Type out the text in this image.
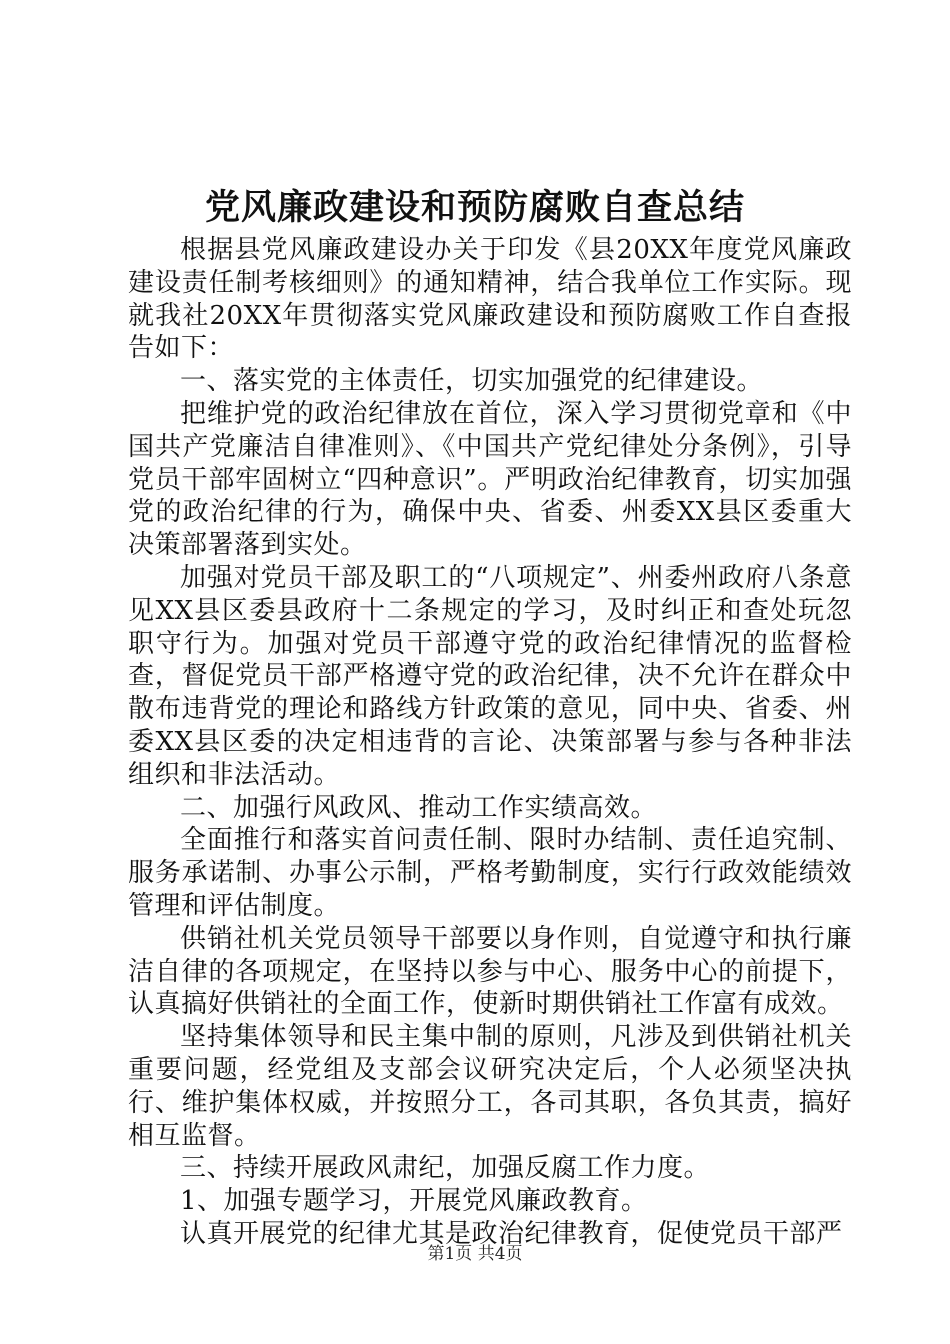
党风廉政建设和预防腐败自查总结

根据县党风廉政建设办关于印发《县20XX年度党风廉政建设责任制考核细则》的通知精神，结合我单位工作实际。现就我社20XX年贯彻落实党风廉政建设和预防腐败工作自查报告如下：

一、落实党的主体责任，切实加强党的纪律建设。

把维护党的政治纪律放在首位，深入学习贯彻党章和《中国共产党廉洁自律准则》、《中国共产党纪律处分条例》，引导党员干部牢固树立“四种意识”。严明政治纪律教育，切实加强党的政治纪律的行为，确保中央、省委、州委XX县区委重大决策部署落到实处。

加强对党员干部及职工的“八项规定”、州委州政府八条意见XX县区委县政府十二条规定的学习，及时纠正和查处玩忽职守行为。加强对党员干部遵守党的政治纪律情况的监督检查，督促党员干部严格遵守党的政治纪律，决不允许在群众中散布违背党的理论和路线方针政策的意见，同中央、省委、州委XX县区委的决定相违背的言论、决策部署与参与各种非法组织和非法活动。

二、加强行风政风、推动工作实绩高效。

全面推行和落实首问责任制、限时办结制、责任追究制、服务承诺制、办事公示制，严格考勤制度，实行行政效能绩效管理和评估制度。

供销社机关党员领导干部要以身作则，自觉遵守和执行廉洁自律的各项规定，在坚持以参与中心、服务中心的前提下，认真搞好供销社的全面工作，使新时期供销社工作富有成效。

坚持集体领导和民主集中制的原则，凡涉及到供销社机关重要问题，经党组及支部会议研究决定后，个人必须坚决执行、维护集体权威，并按照分工，各司其职，各负其责，搞好相互监督。

三、持续开展政风肃纪，加强反腐工作力度。

1、加强专题学习，开展党风廉政教育。

认真开展党的纪律尤其是政治纪律教育，促使党员干部严

第1页 共4页
